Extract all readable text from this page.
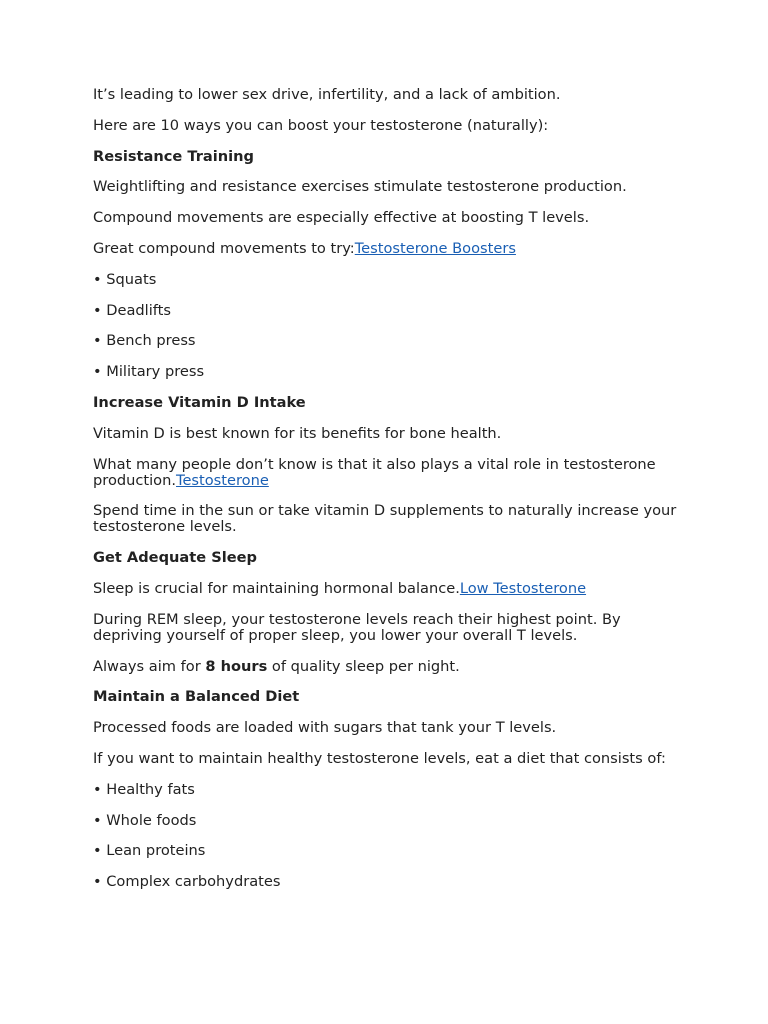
It’s leading to lower sex drive, infertility, and a lack of ambition.

Here are 10 ways you can boost your testosterone (naturally):

Resistance Training

Weightlifting and resistance exercises stimulate testosterone production.

Compound movements are especially effective at boosting T levels.

Great compound movements to try:Testosterone Boosters

• Squats

• Deadlifts

• Bench press

• Military press

Increase Vitamin D Intake

Vitamin D is best known for its benefits for bone health.

What many people don’t know is that it also plays a vital role in testosterone production.Testosterone

Spend time in the sun or take vitamin D supplements to naturally increase your testosterone levels.

Get Adequate Sleep

Sleep is crucial for maintaining hormonal balance.Low Testosterone

During REM sleep, your testosterone levels reach their highest point. By depriving yourself of proper sleep, you lower your overall T levels.

Always aim for 8 hours of quality sleep per night.

Maintain a Balanced Diet

Processed foods are loaded with sugars that tank your T levels.

If you want to maintain healthy testosterone levels, eat a diet that consists of:

• Healthy fats

• Whole foods

• Lean proteins

• Complex carbohydrates
